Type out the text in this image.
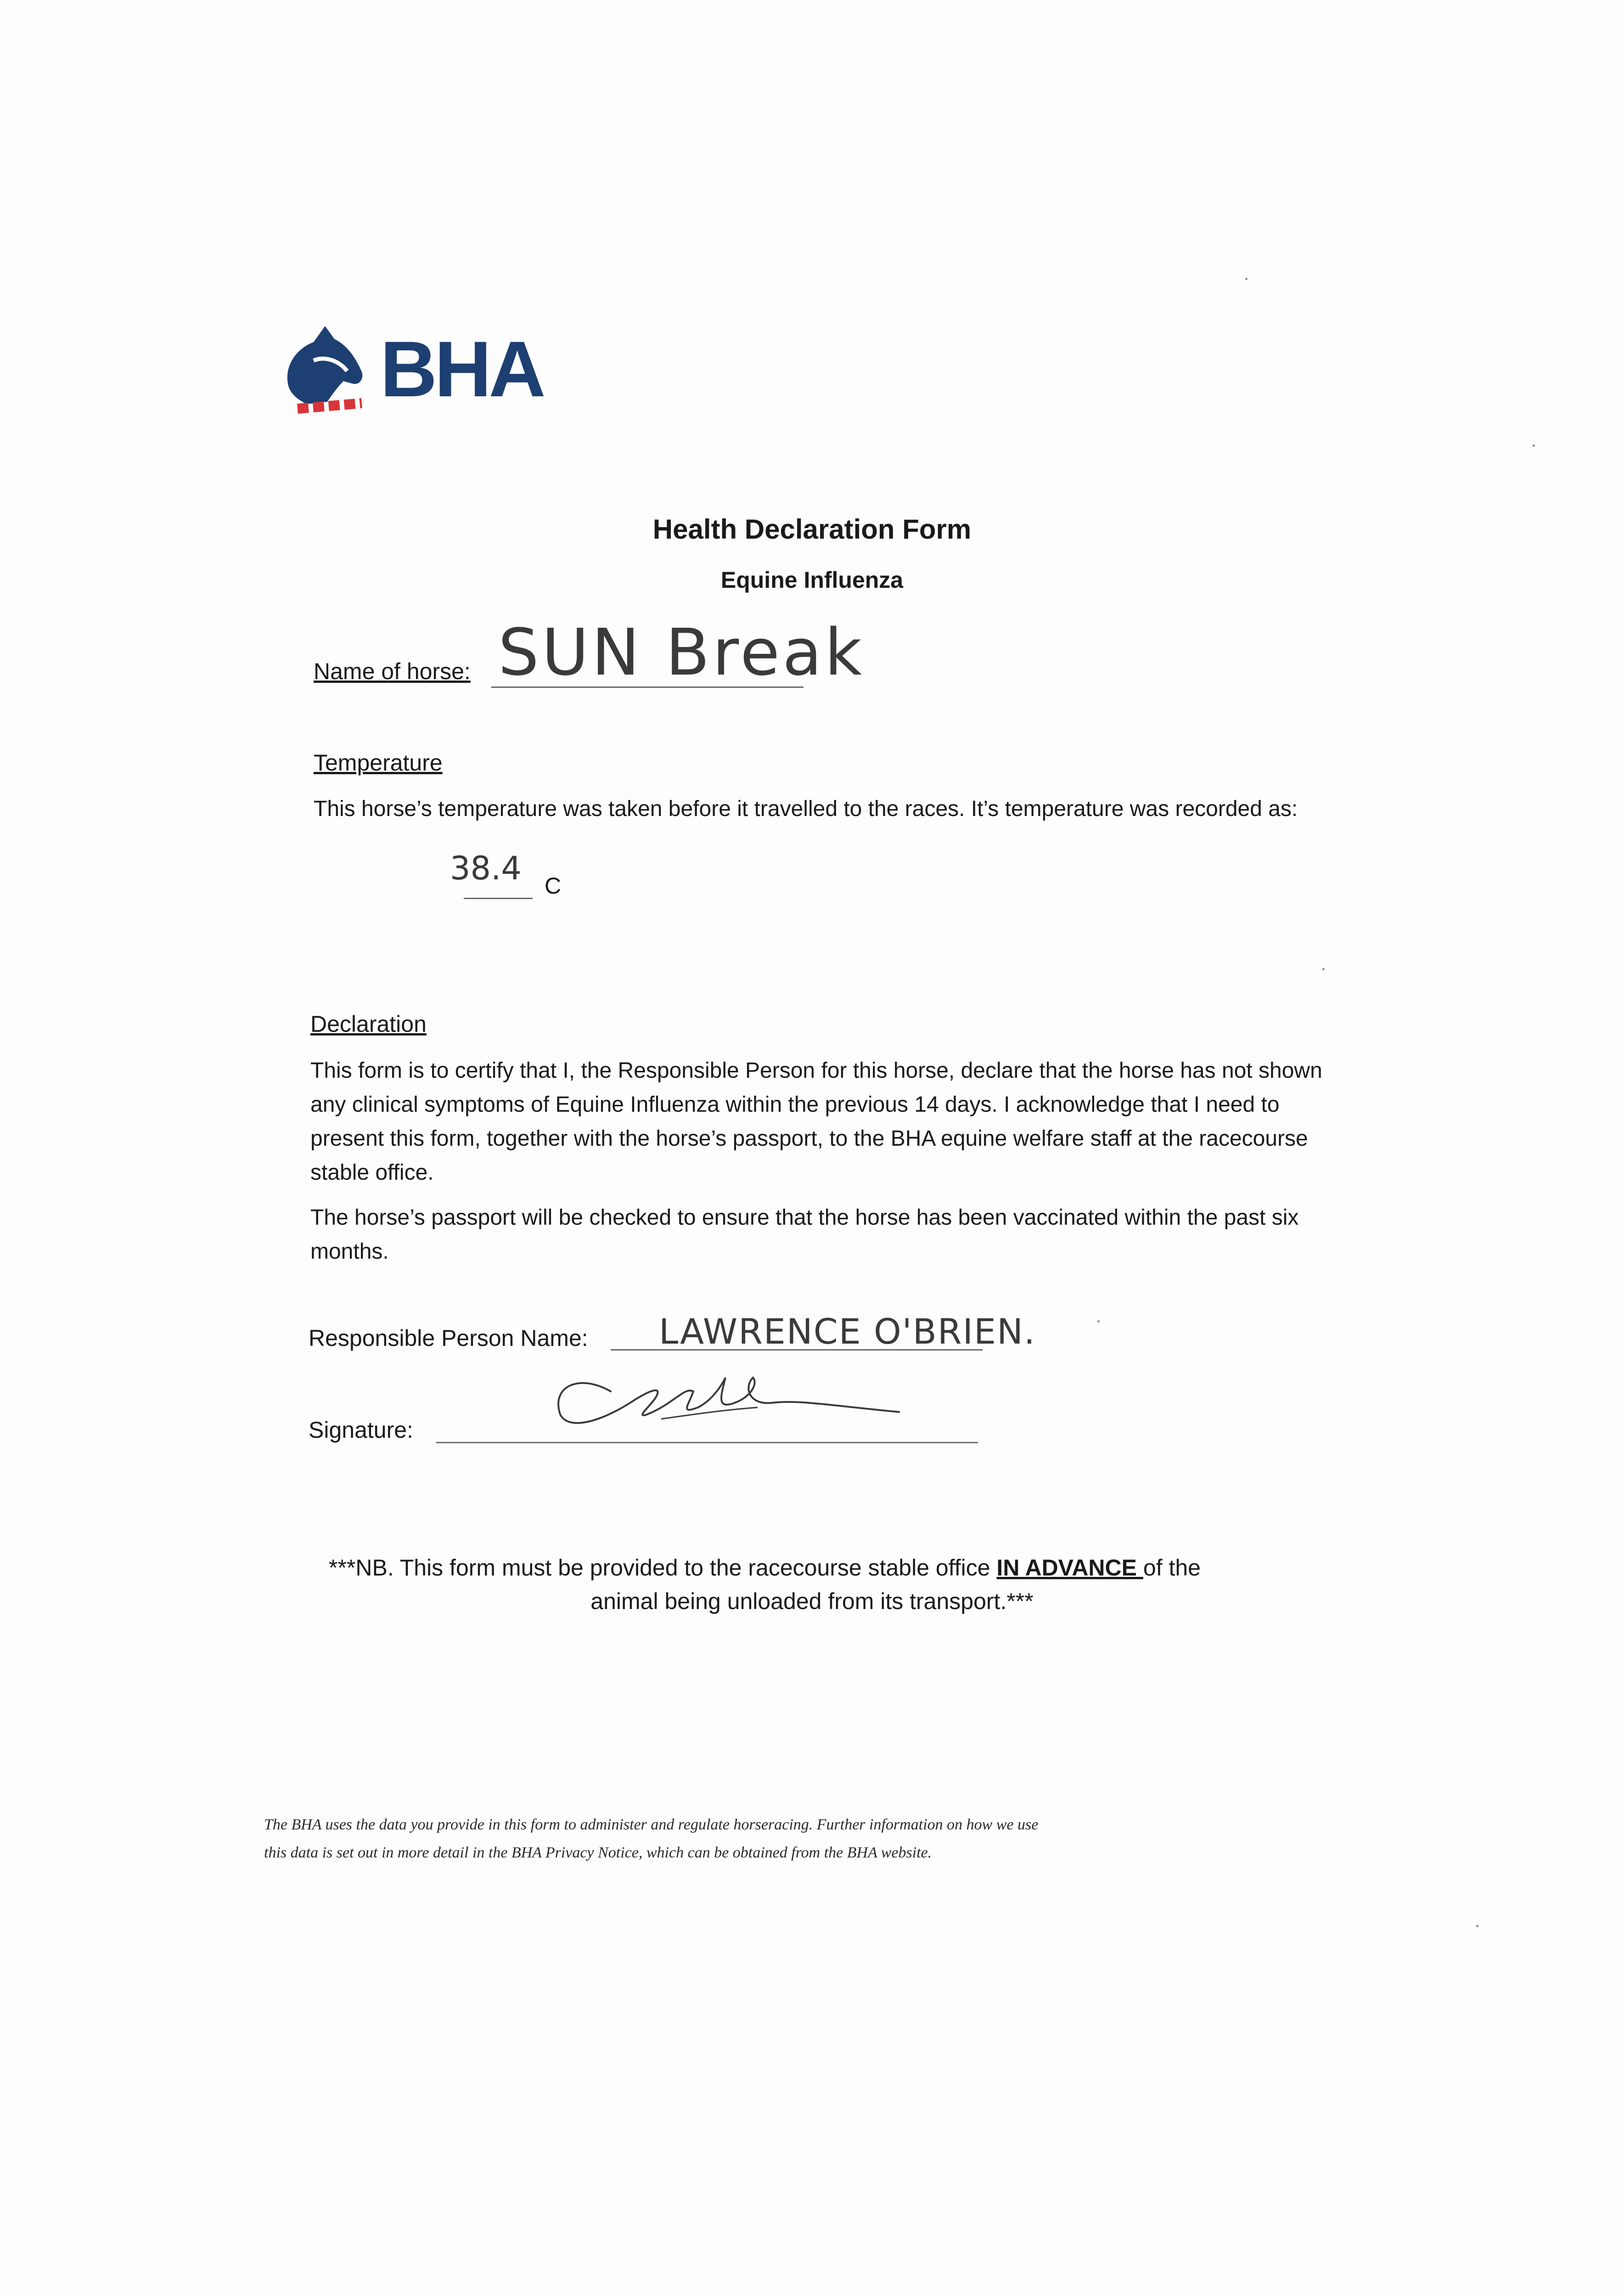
BHA
Health Declaration Form
Equine Influenza
Name of horse: SUN Break
Temperature
This horse’s temperature was taken before it travelled to the races. It’s temperature was recorded as:
38.4 C
Declaration
This form is to certify that I, the Responsible Person for this horse, declare that the horse has not shown any clinical symptoms of Equine Influenza within the previous 14 days. I acknowledge that I need to present this form, together with the horse’s passport, to the BHA equine welfare staff at the racecourse stable office.
The horse’s passport will be checked to ensure that the horse has been vaccinated within the past six months.
Responsible Person Name: LAWRENCE O'BRIEN.
Signature:
***NB. This form must be provided to the racecourse stable office IN ADVANCE of the
animal being unloaded from its transport.***
The BHA uses the data you provide in this form to administer and regulate horseracing. Further information on how we use
this data is set out in more detail in the BHA Privacy Notice, which can be obtained from the BHA website.
